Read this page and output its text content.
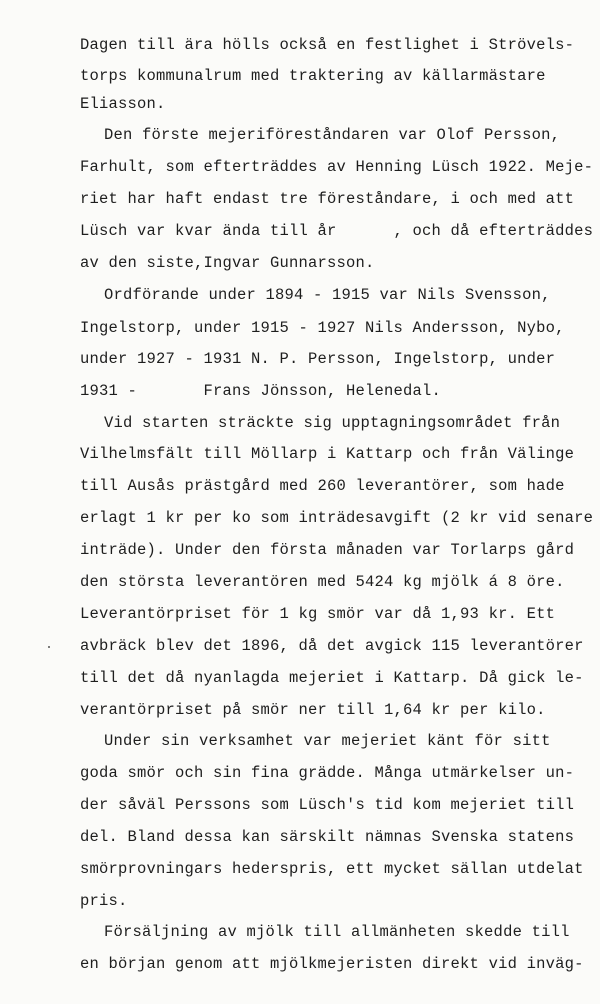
Dagen till ära hölls också en festlighet i Strövels-
torps kommunalrum med traktering av källarmästare
Eliasson.
Den förste mejeriföreståndaren var Olof Persson,
Farhult, som efterträddes av Henning Lüsch 1922. Meje-
riet har haft endast tre föreståndare, i och med att
Lüsch var kvar ända till år      , och då efterträddes
av den siste,Ingvar Gunnarsson.
Ordförande under 1894 - 1915 var Nils Svensson,
Ingelstorp, under 1915 - 1927 Nils Andersson, Nybo,
under 1927 - 1931 N. P. Persson, Ingelstorp, under
1931 -       Frans Jönsson, Helenedal.
Vid starten sträckte sig upptagningsområdet från
Vilhelmsfält till Möllarp i Kattarp och från Välinge
till Ausås prästgård med 260 leverantörer, som hade
erlagt 1 kr per ko som inträdesavgift (2 kr vid senare
inträde). Under den första månaden var Torlarps gård
den största leverantören med 5424 kg mjölk á 8 öre.
Leverantörpriset för 1 kg smör var då 1,93 kr. Ett
avbräck blev det 1896, då det avgick 115 leverantörer
till det då nyanlagda mejeriet i Kattarp. Då gick le-
verantörpriset på smör ner till 1,64 kr per kilo.
Under sin verksamhet var mejeriet känt för sitt
goda smör och sin fina grädde. Många utmärkelser un-
der såväl Perssons som Lüsch's tid kom mejeriet till
del. Bland dessa kan särskilt nämnas Svenska statens
smörprovningars hederspris, ett mycket sällan utdelat
pris.
Försäljning av mjölk till allmänheten skedde till
en början genom att mjölkmejeristen direkt vid inväg-
